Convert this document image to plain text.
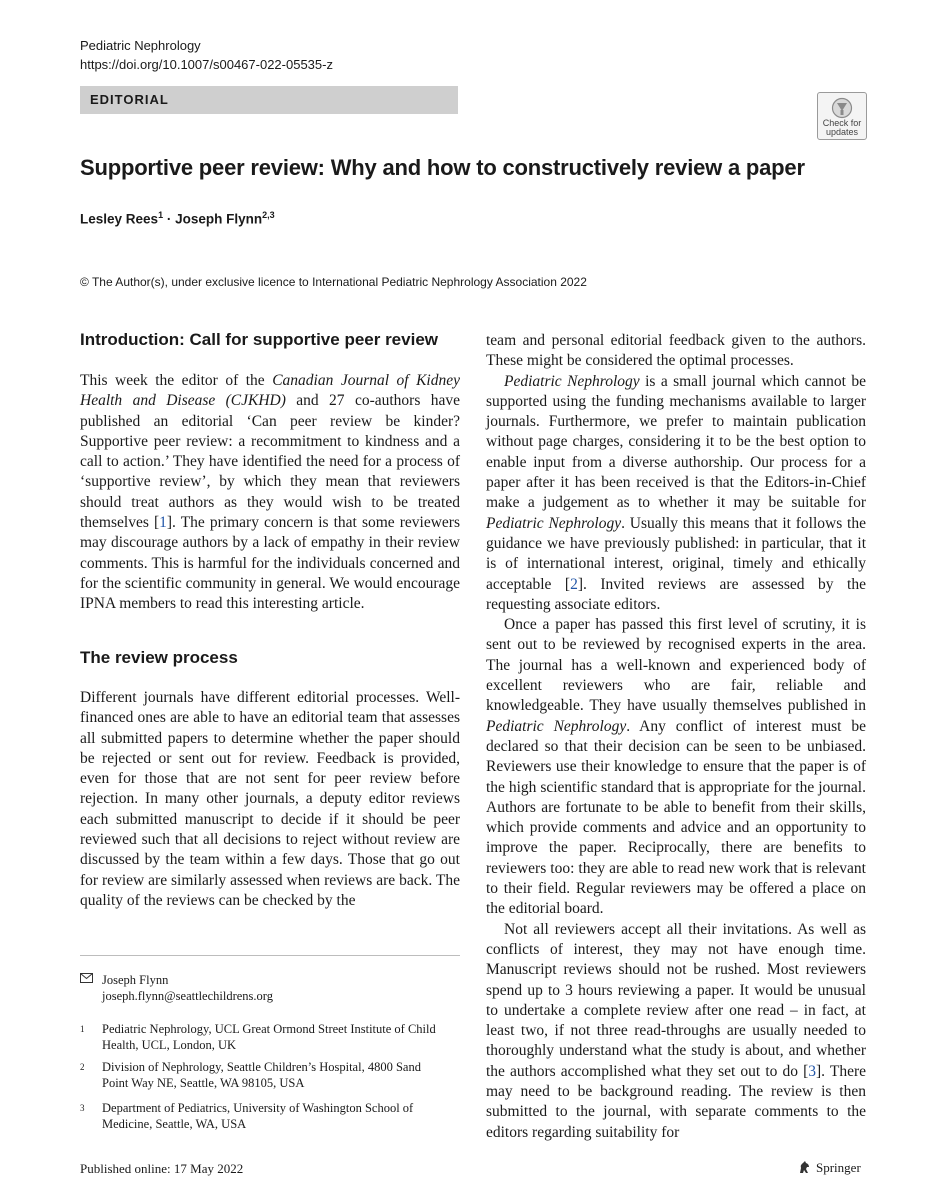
Pediatric Nephrology
https://doi.org/10.1007/s00467-022-05535-z
EDITORIAL
Check for
updates
Supportive peer review: Why and how to constructively review a paper
Lesley Rees$^1$ · Joseph Flynn$^{2,3}$
© The Author(s), under exclusive licence to International Pediatric Nephrology Association 2022
Introduction: Call for supportive peer review

This week the editor of the Canadian Journal of Kidney Health and Disease (CJKHD) and 27 co-authors have published an editorial ‘Can peer review be kinder? Supportive peer review: a recommitment to kindness and a call to action.’ They have identified the need for a process of ‘supportive review’, by which they mean that reviewers should treat authors as they would wish to be treated themselves [1]. The primary concern is that some reviewers may discourage authors by a lack of empathy in their review comments. This is harmful for the individuals concerned and for the scientific community in general. We would encourage IPNA members to read this interesting article.

The review process

Different journals have different editorial processes. Well-financed ones are able to have an editorial team that assesses all submitted papers to determine whether the paper should be rejected or sent out for review. Feedback is provided, even for those that are not sent for peer review before rejection. In many other journals, a deputy editor reviews each submitted manuscript to decide if it should be peer reviewed such that all decisions to reject without review are discussed by the team within a few days. Those that go out for review are similarly assessed when reviews are back. The quality of the reviews can be checked by the

team and personal editorial feedback given to the authors. These might be considered the optimal processes.

Pediatric Nephrology is a small journal which cannot be supported using the funding mechanisms available to larger journals. Furthermore, we prefer to maintain publication without page charges, considering it to be the best option to enable input from a diverse authorship. Our process for a paper after it has been received is that the Editors-in-Chief make a judgement as to whether it may be suitable for Pediatric Nephrology. Usually this means that it follows the guidance we have previously published: in particular, that it is of international interest, original, timely and ethically acceptable [2]. Invited reviews are assessed by the requesting associate editors.

Once a paper has passed this first level of scrutiny, it is sent out to be reviewed by recognised experts in the area. The journal has a well-known and experienced body of excellent reviewers who are fair, reliable and knowledgeable. They have usually themselves published in Pediatric Nephrology. Any conflict of interest must be declared so that their decision can be seen to be unbiased. Reviewers use their knowledge to ensure that the paper is of the high scientific standard that is appropriate for the journal. Authors are fortunate to be able to benefit from their skills, which provide comments and advice and an opportunity to improve the paper. Reciprocally, there are benefits to reviewers too: they are able to read new work that is relevant to their field. Regular reviewers may be offered a place on the editorial board.

Not all reviewers accept all their invitations. As well as conflicts of interest, they may not have enough time. Manuscript reviews should not be rushed. Most reviewers spend up to 3 hours reviewing a paper. It would be unusual to undertake a complete review after one read – in fact, at least two, if not three read-throughs are usually needed to thoroughly understand what the study is about, and whether the authors accomplished what they set out to do [3]. There may need to be background reading. The review is then submitted to the journal, with separate comments to the editors regarding suitability for

Joseph Flynn
joseph.flynn@seattlechildrens.org
1 Pediatric Nephrology, UCL Great Ormond Street Institute of Child Health, UCL, London, UK
2 Division of Nephrology, Seattle Children’s Hospital, 4800 Sand Point Way NE, Seattle, WA 98105, USA
3 Department of Pediatrics, University of Washington School of Medicine, Seattle, WA, USA
Published online: 17 May 2022	Springer
